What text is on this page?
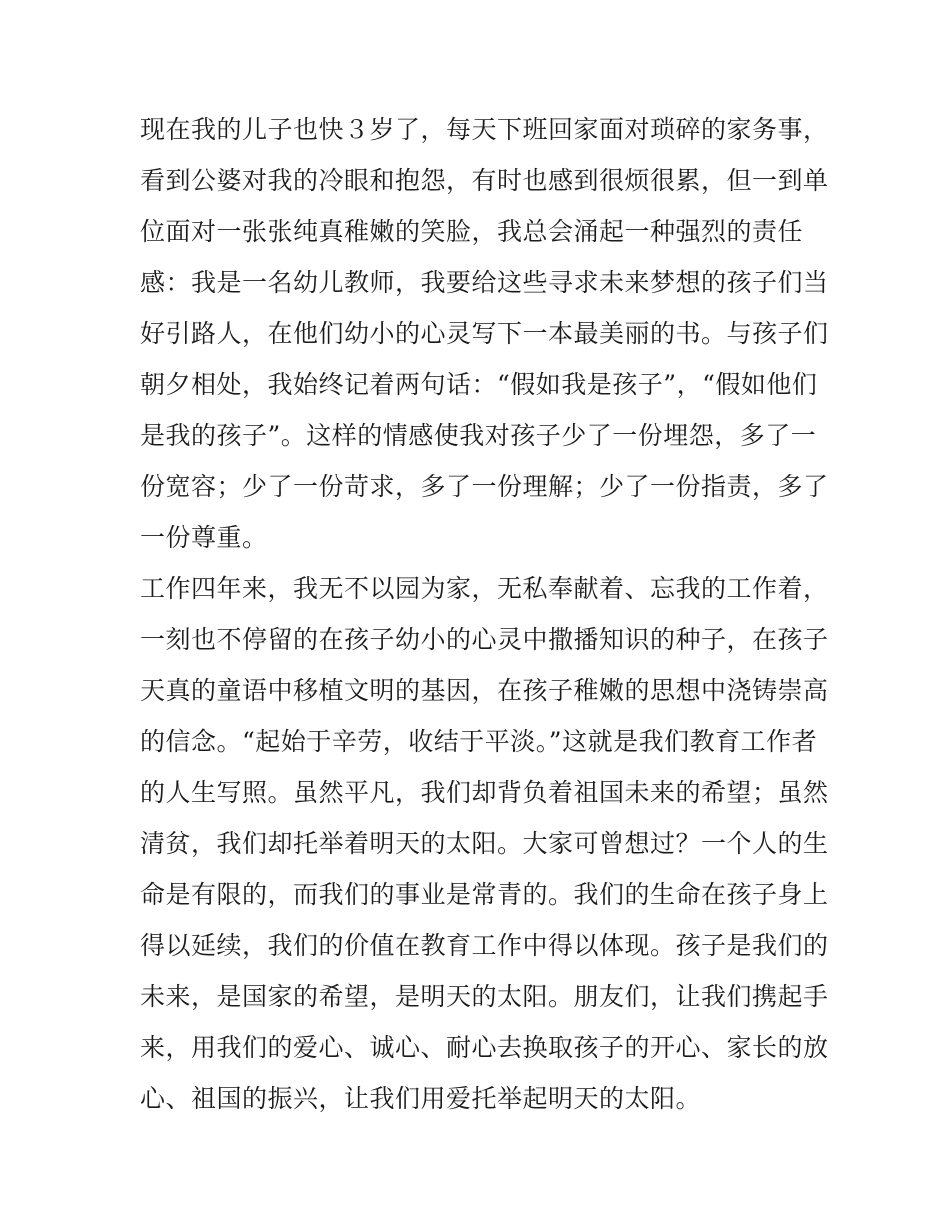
现在我的儿子也快３岁了，每天下班回家面对琐碎的家务事，
看到公婆对我的冷眼和抱怨，有时也感到很烦很累，但一到单
位面对一张张纯真稚嫩的笑脸，我总会涌起一种强烈的责任
感：我是一名幼儿教师，我要给这些寻求未来梦想的孩子们当
好引路人，在他们幼小的心灵写下一本最美丽的书。与孩子们
朝夕相处，我始终记着两句话：“假如我是孩子”，“假如他们
是我的孩子”。这样的情感使我对孩子少了一份埋怨，多了一
份宽容；少了一份苛求，多了一份理解；少了一份指责，多了
一份尊重。
工作四年来，我无不以园为家，无私奉献着、忘我的工作着，
一刻也不停留的在孩子幼小的心灵中撒播知识的种子，在孩子
天真的童语中移植文明的基因，在孩子稚嫩的思想中浇铸崇高
的信念。“起始于辛劳，收结于平淡。”这就是我们教育工作者
的人生写照。虽然平凡，我们却背负着祖国未来的希望；虽然
清贫，我们却托举着明天的太阳。大家可曾想过？一个人的生
命是有限的，而我们的事业是常青的。我们的生命在孩子身上
得以延续，我们的价值在教育工作中得以体现。孩子是我们的
未来，是国家的希望，是明天的太阳。朋友们，让我们携起手
来，用我们的爱心、诚心、耐心去换取孩子的开心、家长的放
心、祖国的振兴，让我们用爱托举起明天的太阳。
